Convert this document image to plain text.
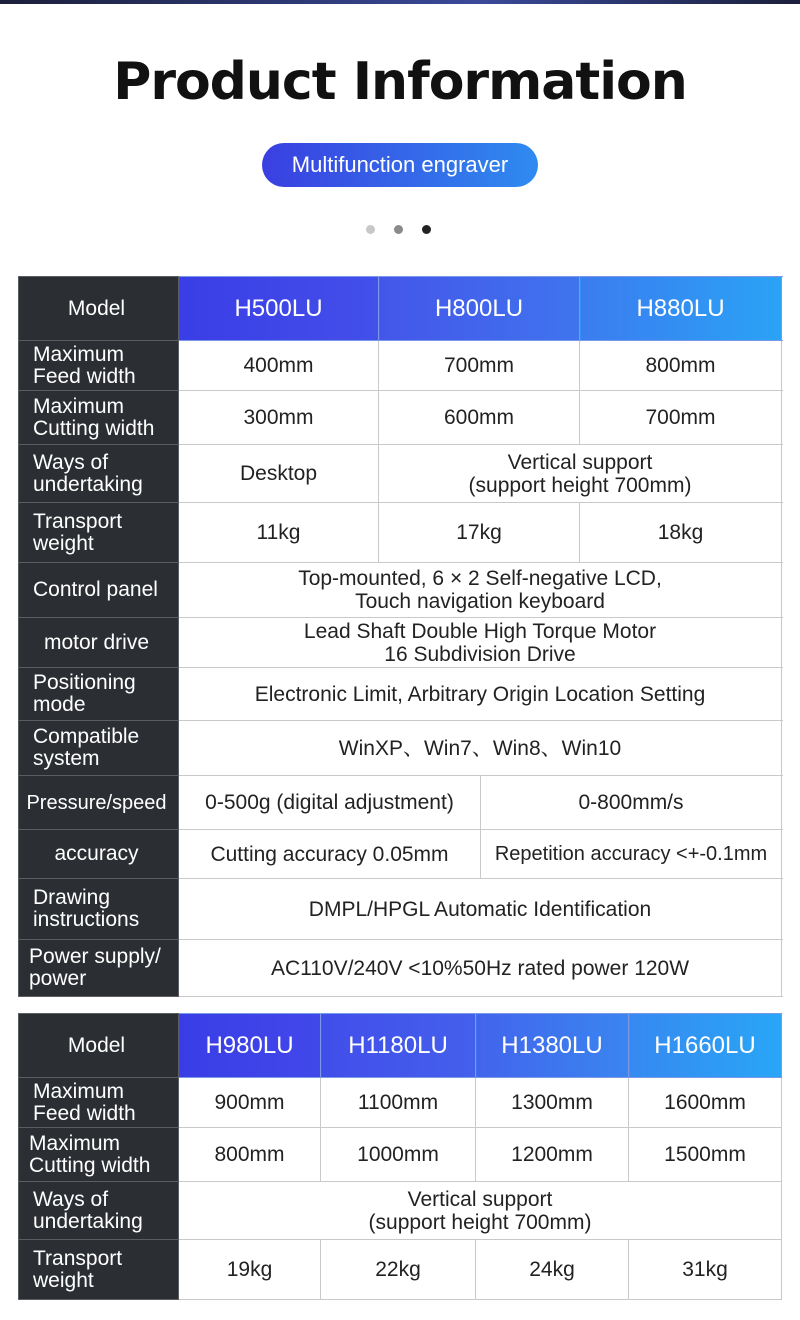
Product Information
Multifunction engraver
Model	H500LU	H800LU		H880LU

Maximum
Feed width	400mm	700mm		800mm

Maximum
Cutting width	300mm	600mm		700mm

Ways of
undertaking	Desktop	Vertical support
(support height 700mm)		

Transport
weight	11kg	17kg		18kg
Control panel	Top-mounted, 6 × 2 Self-negative LCD,
Touch navigation keyboard			

motor drive	Lead Shaft Double High Torque Motor
16 Subdivision Drive			

Positioning
mode	Electronic Limit, Arbitrary Origin Location Setting			

Compatible
system	WinXP、Win7、Win8、Win10			
Pressure/speed	0-500g (digital adjustment)		0-800mm/s	
accuracy	Cutting accuracy 0.05mm		Repetition accuracy <+-0.1mm	

Drawing
instructions	DMPL/HPGL Automatic Identification			

Power supply/
power	AC110V/240V <10%50Hz rated power 120W			
Model	H980LU	H1180LU	H1380LU	H1660LU

Maximum
Feed width	900mm	1100mm	1300mm	1600mm

Maximum
Cutting width	800mm	1000mm	1200mm	1500mm

Ways of
undertaking	Vertical support
(support height 700mm)			

Transport
weight	19kg	22kg	24kg	31kg
